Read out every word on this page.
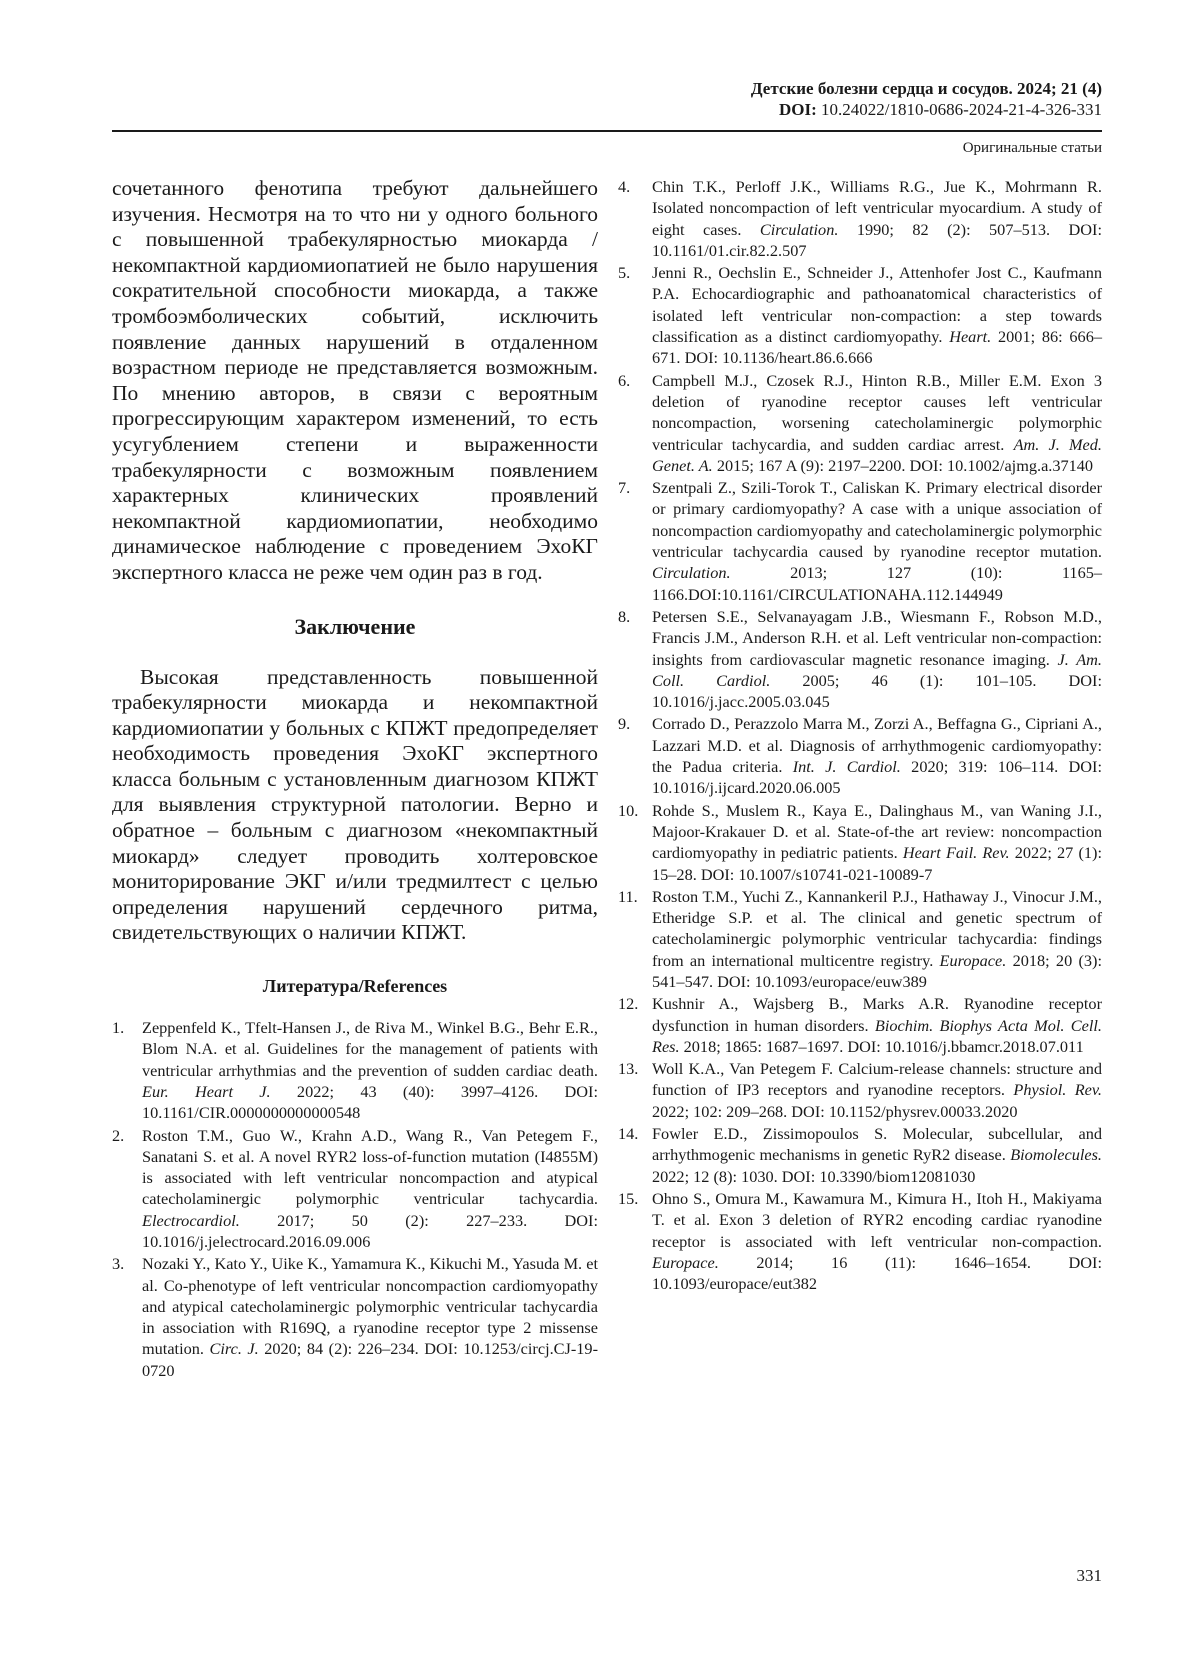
Детские болезни сердца и сосудов. 2024; 21 (4)
DOI: 10.24022/1810-0686-2024-21-4-326-331
Оригинальные статьи

сочетанного фенотипа требуют дальнейшего изучения. Несмотря на то что ни у одного больного с повышенной трабекулярностью миокарда / некомпактной кардиомиопатией не было нарушения сократительной способности миокарда, а также тромбоэмболических событий, исключить появление данных нарушений в отдаленном возрастном периоде не представляется возможным. По мнению авторов, в связи с вероятным прогрессирующим характером изменений, то есть усугублением степени и выраженности трабекулярности с возможным появлением характерных клинических проявлений некомпактной кардиомиопатии, необходимо динамическое наблюдение с проведением ЭхоКГ экспертного класса не реже чем один раз в год.

Заключение

Высокая представленность повышенной трабекулярности миокарда и некомпактной кардиомиопатии у больных с КПЖТ предопределяет необходимость проведения ЭхоКГ экспертного класса больным с установленным диагнозом КПЖТ для выявления структурной патологии. Верно и обратное – больным с диагнозом «некомпактный миокард» следует проводить холтеровское мониторирование ЭКГ и/или тредмилтест с целью определения нарушений сердечного ритма, свидетельствующих о наличии КПЖТ.

Литература/References
1. Zeppenfeld K., Tfelt-Hansen J., de Riva M., Winkel B.G., Behr E.R., Blom N.A. et al. Guidelines for the management of patients with ventricular arrhythmias and the prevention of sudden cardiac death. Eur. Heart J. 2022; 43 (40): 3997–4126. DOI: 10.1161/CIR.0000000000000548
2. Roston T.M., Guo W., Krahn A.D., Wang R., Van Petegem F., Sanatani S. et al. A novel RYR2 loss-of-function mutation (I4855M) is associated with left ventricular noncompaction and atypical catecholaminergic polymorphic ventricular tachycardia. Electrocardiol. 2017; 50 (2): 227–233. DOI: 10.1016/j.jelectrocard.2016.09.006
3. Nozaki Y., Kato Y., Uike K., Yamamura K., Kikuchi M., Yasuda M. et al. Co-phenotype of left ventricular noncompaction cardiomyopathy and atypical catecholaminergic polymorphic ventricular tachycardia in association with R169Q, a ryanodine receptor type 2 missense mutation. Circ. J. 2020; 84 (2): 226–234. DOI: 10.1253/circj.CJ-19-0720
4. Chin T.K., Perloff J.K., Williams R.G., Jue K., Mohrmann R. Isolated noncompaction of left ventricular myocardium. A study of eight cases. Circulation. 1990; 82 (2): 507–513. DOI: 10.1161/01.cir.82.2.507
5. Jenni R., Oechslin E., Schneider J., Attenhofer Jost C., Kaufmann P.A. Echocardiographic and pathoanatomical characteristics of isolated left ventricular non-compaction: a step towards classification as a distinct cardiomyopathy. Heart. 2001; 86: 666–671. DOI: 10.1136/heart.86.6.666
6. Campbell M.J., Czosek R.J., Hinton R.B., Miller E.M. Exon 3 deletion of ryanodine receptor causes left ventricular noncompaction, worsening catecholaminergic polymorphic ventricular tachycardia, and sudden cardiac arrest. Am. J. Med. Genet. A. 2015; 167 A (9): 2197–2200. DOI: 10.1002/ajmg.a.37140
7. Szentpali Z., Szili-Torok T., Caliskan K. Primary electrical disorder or primary cardiomyopathy? A case with a unique association of noncompaction cardiomyopathy and catecholaminergic polymorphic ventricular tachycardia caused by ryanodine receptor mutation. Circulation. 2013; 127 (10): 1165–1166.DOI:10.1161/CIRCULATIONAHA.112.144949
8. Petersen S.E., Selvanayagam J.B., Wiesmann F., Robson M.D., Francis J.M., Anderson R.H. et al. Left ventricular non-compaction: insights from cardiovascular magnetic resonance imaging. J. Am. Coll. Cardiol. 2005; 46 (1): 101–105. DOI: 10.1016/j.jacc.2005.03.045
9. Corrado D., Perazzolo Marra M., Zorzi A., Beffagna G., Cipriani A., Lazzari M.D. et al. Diagnosis of arrhythmogenic cardiomyopathy: the Padua criteria. Int. J. Cardiol. 2020; 319: 106–114. DOI: 10.1016/j.ijcard.2020.06.005
10. Rohde S., Muslem R., Kaya E., Dalinghaus M., van Waning J.I., Majoor-Krakauer D. et al. State-of-the art review: noncompaction cardiomyopathy in pediatric patients. Heart Fail. Rev. 2022; 27 (1): 15–28. DOI: 10.1007/s10741-021-10089-7
11. Roston T.M., Yuchi Z., Kannankeril P.J., Hathaway J., Vinocur J.M., Etheridge S.P. et al. The clinical and genetic spectrum of catecholaminergic polymorphic ventricular tachycardia: findings from an international multicentre registry. Europace. 2018; 20 (3): 541–547. DOI: 10.1093/europace/euw389
12. Kushnir A., Wajsberg B., Marks A.R. Ryanodine receptor dysfunction in human disorders. Biochim. Biophys Acta Mol. Cell. Res. 2018; 1865: 1687–1697. DOI: 10.1016/j.bbamcr.2018.07.011
13. Woll K.A., Van Petegem F. Calcium-release channels: structure and function of IP3 receptors and ryanodine receptors. Physiol. Rev. 2022; 102: 209–268. DOI: 10.1152/physrev.00033.2020
14. Fowler E.D., Zissimopoulos S. Molecular, subcellular, and arrhythmogenic mechanisms in genetic RyR2 disease. Biomolecules. 2022; 12 (8): 1030. DOI: 10.3390/biom12081030
15. Ohno S., Omura M., Kawamura M., Kimura H., Itoh H., Makiyama T. et al. Exon 3 deletion of RYR2 encoding cardiac ryanodine receptor is associated with left ventricular non-compaction. Europace. 2014; 16 (11): 1646–1654. DOI: 10.1093/europace/eut382
331
